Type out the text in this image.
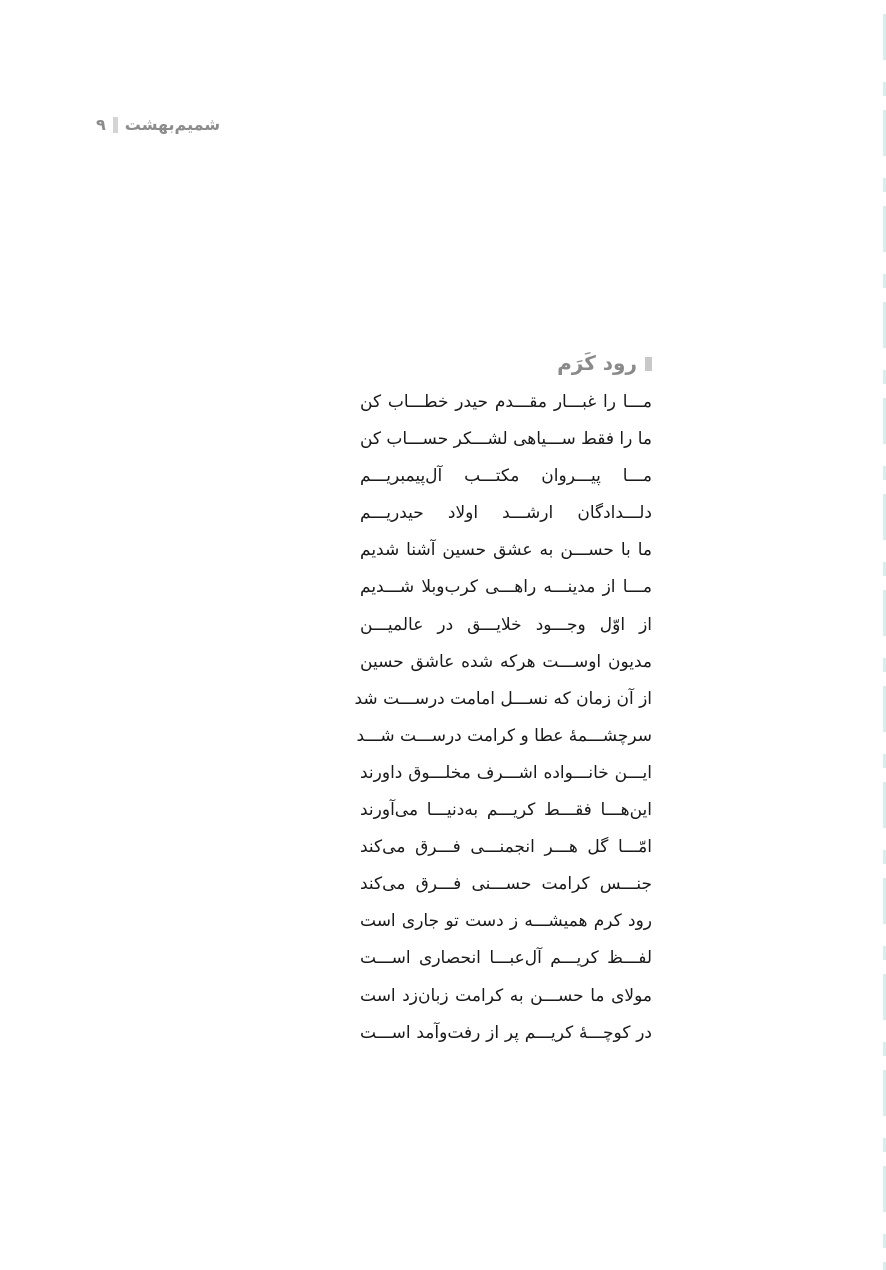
۹ شمیم‌بهشت
رود کَرَم
مـــا را غبـــار مقـــدم حیدر خطـــاب کن
ما را فقط ســـیاهی لشـــکر حســـاب کن
مـــا پیـــروان مکتـــب آل‌پیمبریـــم
دلـــدادگان ارشـــد اولاد حیدریـــم
ما با حســـن به عشق حسین آشنا شدیم
مـــا از مدینـــه راهـــی کرب‌وبلا شـــدیم
از اوّل وجـــود خلایـــق در عالمیـــن
مدیون اوســـت هرکه شده عاشق حسین
از آن زمان که نســـل امامت درســـت شد
سرچشـــمهٔ عطا و کرامت درســـت شـــد
ایـــن خانـــواده اشـــرف مخلـــوق داورند
این‌هـــا فقـــط کریـــم به‌دنیـــا می‌آورند
امّـــا گل هـــر انجمنـــی فـــرق می‌کند
جنـــس کرامت حســـنی فـــرق می‌کند
رود کرم همیشـــه ز دست تو جاری است
لفـــظ کریـــم آل‌عبـــا انحصاری اســـت
مولای ما حســـن به کرامت زبان‌زد است
در کوچـــهٔ کریـــم پر از رفت‌وآمد اســـت
